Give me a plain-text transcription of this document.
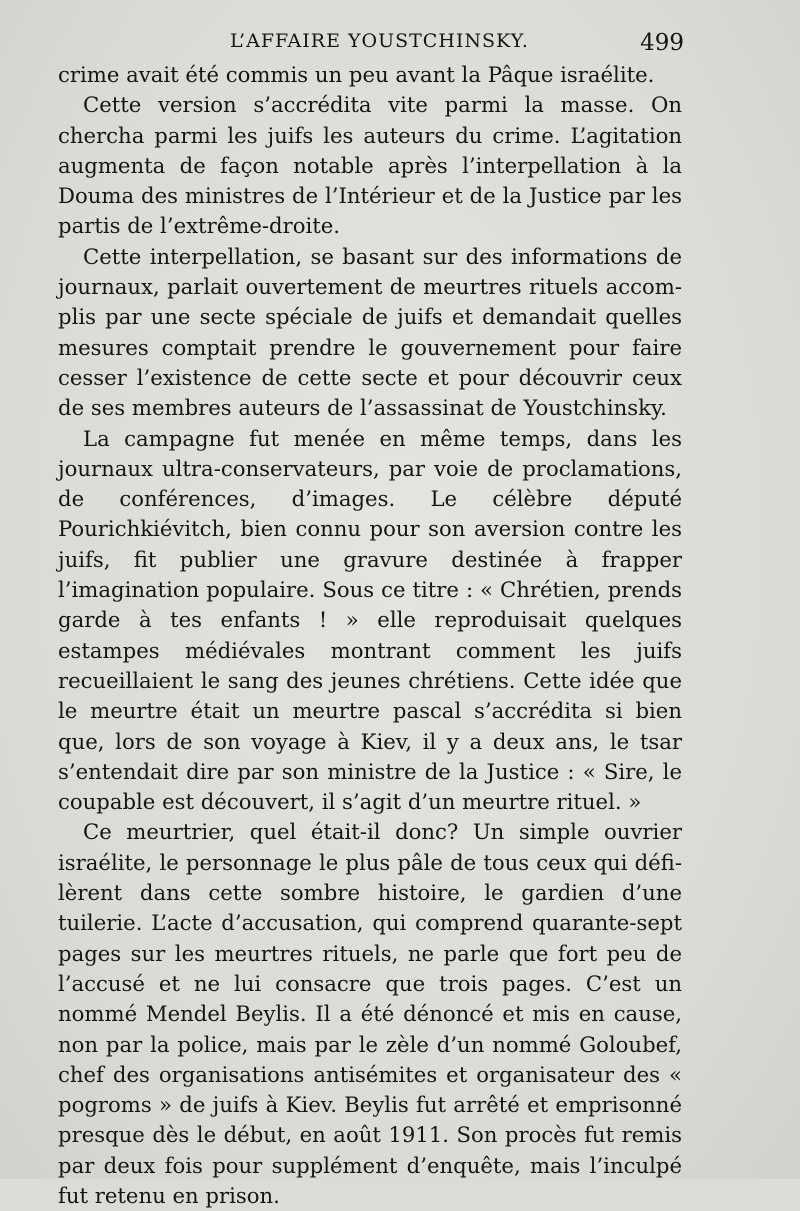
L’AFFAIRE YOUSTCHINSKY.	499

crime avait été commis un peu avant la Pâque israélite.

Cette version s’accrédita vite parmi la masse. On chercha parmi les juifs les auteurs du crime. L’agitation augmenta de façon notable après l’interpellation à la Douma des ministres de l’Intérieur et de la Justice par les partis de l’extrême-droite.

Cette interpellation, se basant sur des informations de journaux, parlait ouvertement de meurtres rituels accomplis par une secte spéciale de juifs et demandait quelles mesures comptait prendre le gouvernement pour faire cesser l’existence de cette secte et pour découvrir ceux de ses membres auteurs de l’assassinat de Youstchinsky.

La campagne fut menée en même temps, dans les journaux ultra-conservateurs, par voie de proclamations, de conférences, d’images. Le célèbre député Pourichkiévitch, bien connu pour son aversion contre les juifs, fit publier une gravure destinée à frapper l’imagination populaire. Sous ce titre : « Chrétien, prends garde à tes enfants ! » elle reproduisait quelques estampes médiévales montrant comment les juifs recueillaient le sang des jeunes chrétiens. Cette idée que le meurtre était un meurtre pascal s’accrédita si bien que, lors de son voyage à Kiev, il y a deux ans, le tsar s’entendait dire par son ministre de la Justice : « Sire, le coupable est découvert, il s’agit d’un meurtre rituel. »

Ce meurtrier, quel était-il donc? Un simple ouvrier israélite, le personnage le plus pâle de tous ceux qui défilèrent dans cette sombre histoire, le gardien d’une tuilerie. L’acte d’accusation, qui comprend quarante-sept pages sur les meurtres rituels, ne parle que fort peu de l’accusé et ne lui consacre que trois pages. C’est un nommé Mendel Beylis. Il a été dénoncé et mis en cause, non par la police, mais par le zèle d’un nommé Goloubef, chef des organisations antisémites et organisateur des « pogroms » de juifs à Kiev. Beylis fut arrêté et emprisonné presque dès le début, en août 1911. Son procès fut remis par deux fois pour supplément d’enquête, mais l’inculpé fut retenu en prison.
